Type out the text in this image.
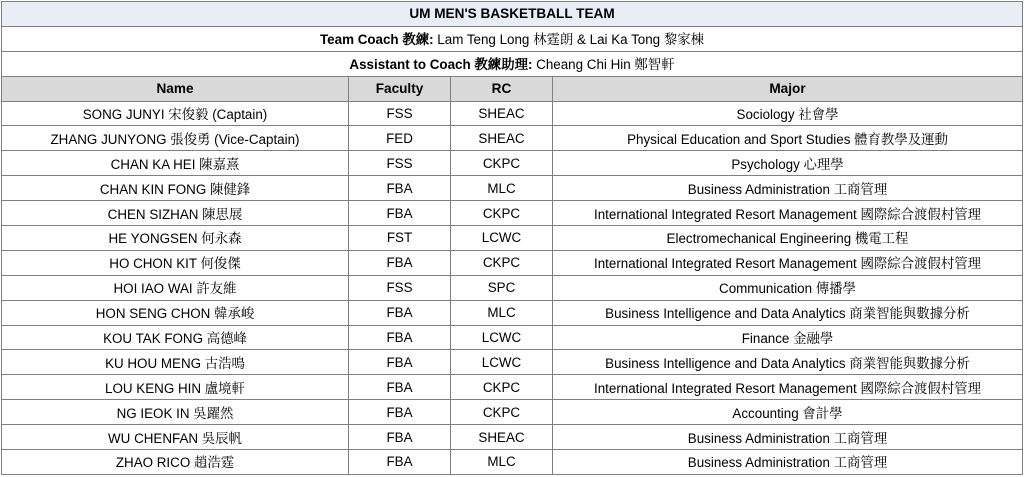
UM MEN'S BASKETBALL TEAM			
Team Coach 教練: Lam Teng Long 林霆朗 & Lai Ka Tong 黎家棟			
Assistant to Coach 教練助理: Cheang Chi Hin 鄭智軒			
Name	Faculty	RC	Major
SONG JUNYI 宋俊毅 (Captain)	FSS	SHEAC	Sociology 社會學
ZHANG JUNYONG 張俊勇 (Vice-Captain)	FED	SHEAC	Physical Education and Sport Studies 體育教學及運動
CHAN KA HEI 陳嘉熹	FSS	CKPC	Psychology 心理學
CHAN KIN FONG 陳健鋒	FBA	MLC	Business Administration 工商管理
CHEN SIZHAN 陳思展	FBA	CKPC	International Integrated Resort Management 國際綜合渡假村管理
HE YONGSEN 何永森	FST	LCWC	Electromechanical Engineering 機電工程
HO CHON KIT 何俊傑	FBA	CKPC	International Integrated Resort Management 國際綜合渡假村管理
HOI IAO WAI 許友維	FSS	SPC	Communication 傳播學
HON SENG CHON 韓承峻	FBA	MLC	Business Intelligence and Data Analytics 商業智能與數據分析
KOU TAK FONG 高德峰	FBA	LCWC	Finance 金融學
KU HOU MENG 古浩鳴	FBA	LCWC	Business Intelligence and Data Analytics 商業智能與數據分析
LOU KENG HIN 盧境軒	FBA	CKPC	International Integrated Resort Management 國際綜合渡假村管理
NG IEOK IN 吳躍然	FBA	CKPC	Accounting 會計學
WU CHENFAN 吳辰帆	FBA	SHEAC	Business Administration 工商管理
ZHAO RICO 趙浩霆	FBA	MLC	Business Administration 工商管理
